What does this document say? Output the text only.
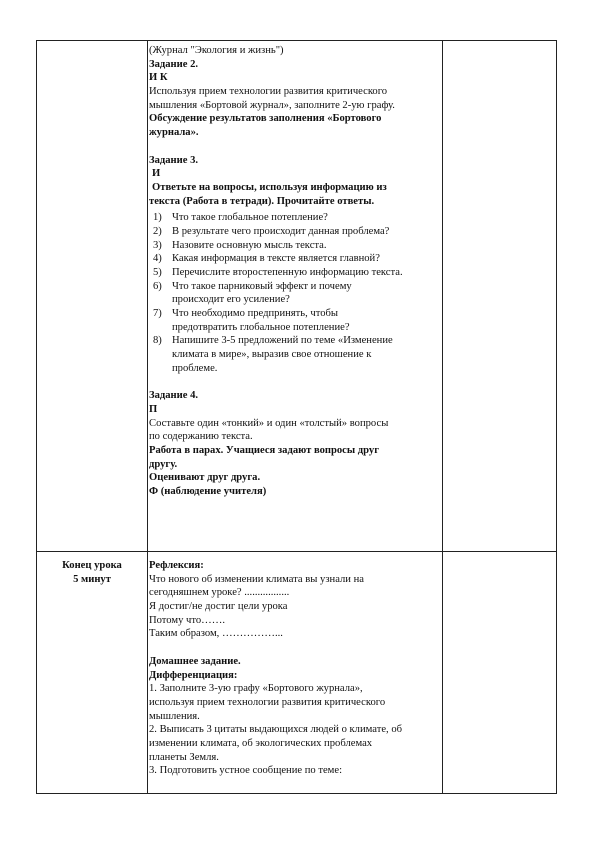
(Журнал "Экология и жизнь")
Задание 2.
И К
Используя прием технологии развития критического
мышления «Бортовой журнал», заполните 2-ую графу.
Обсуждение результатов заполнения «Бортового
журнала».
Задание 3.
И
Ответьте на вопросы, используя информацию из
текста (Работа в тетради). Прочитайте ответы.
1) Что такое глобальное потепление?
2) В результате чего происходит данная проблема?
3) Назовите основную мысль текста.
4) Какая информация в тексте является главной?
5) Перечислите второстепенную информацию текста.
6) Что такое парниковый эффект и почему
происходит его усиление?
7) Что необходимо предпринять, чтобы
предотвратить глобальное потепление?
8) Напишите 3-5 предложений по теме «Изменение
климата в мире», выразив свое отношение к
проблеме.
Задание 4.
П
Составьте один «тонкий» и один «толстый» вопросы
по содержанию текста.
Работа в парах. Учащиеся задают вопросы друг
другу.
Оценивают друг друга.
Ф (наблюдение учителя)
Конец урока
5 минут
Рефлексия:
Что нового об изменении климата вы узнали на
сегодняшнем уроке? .................
Я достиг/не достиг цели урока
Потому что…….
Таким образом, ……………...
Домашнее задание.
Дифференциация:
1. Заполните 3-ую графу «Бортового журнала»,
используя прием технологии развития критического
мышления.
2. Выписать 3 цитаты выдающихся людей о климате, об
изменении климата, об экологических проблемах
планеты Земля.
3. Подготовить устное сообщение по теме:
